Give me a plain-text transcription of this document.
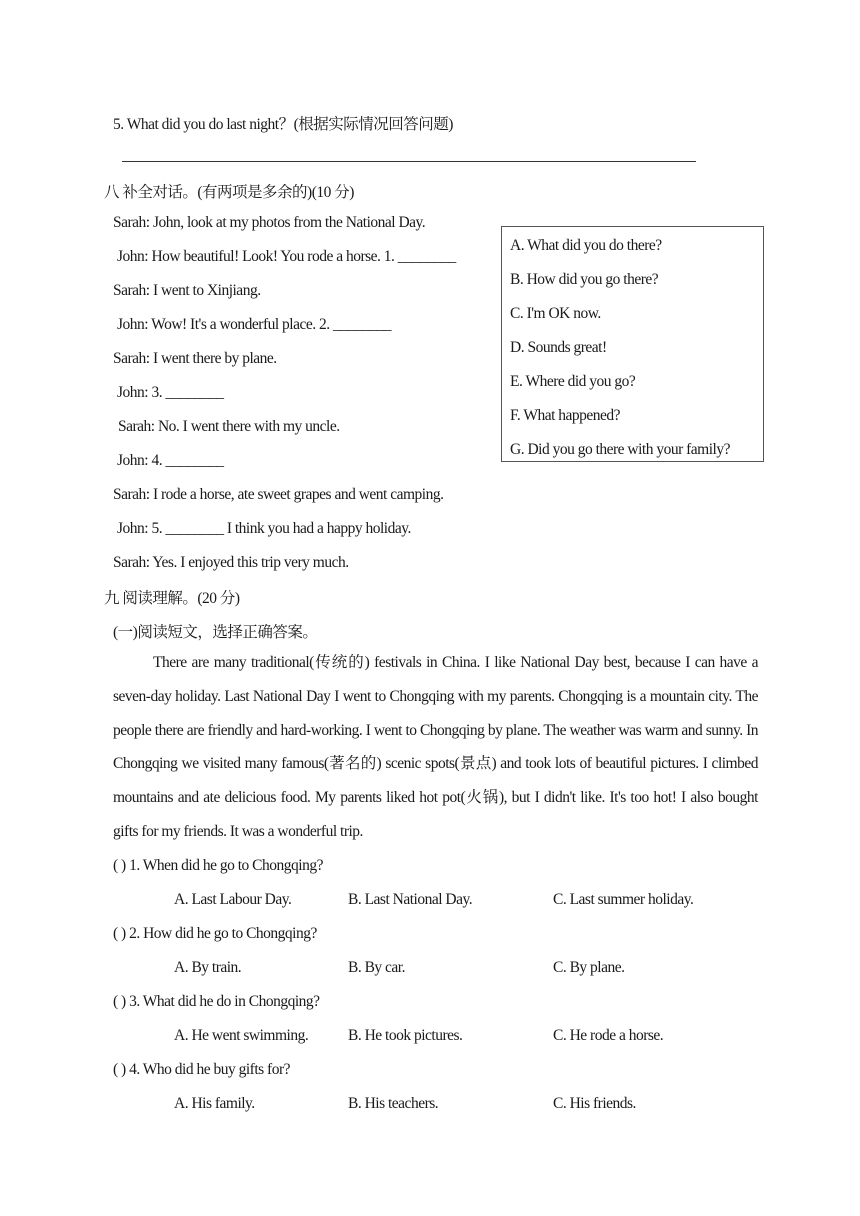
5. What did you do last night？(根据实际情况回答问题)
八 补全对话。(有两项是多余的)(10 分)
Sarah: John, look at my photos from the National Day.
John: How beautiful! Look! You rode a horse. 1. ________
Sarah: I went to Xinjiang.
John: Wow! It's a wonderful place. 2. ________
Sarah: I went there by plane.
John: 3. ________
Sarah: No. I went there with my uncle.
John: 4. ________
Sarah: I rode a horse, ate sweet grapes and went camping.
John: 5. ________ I think you had a happy holiday.
Sarah: Yes. I enjoyed this trip very much.
A. What did you do there?
B. How did you go there?
C. I'm OK now.
D. Sounds great!
E. Where did you go?
F. What happened?
G. Did you go there with your family?
九 阅读理解。(20 分)
(一)阅读短文，选择正确答案。
There are many traditional(传统的) festivals in China. I like National Day best, because I can have a seven-day holiday. Last National Day I went to Chongqing with my parents. Chongqing is a mountain city. The people there are friendly and hard-working. I went to Chongqing by plane. The weather was warm and sunny. In Chongqing we visited many famous(著名的) scenic spots(景点) and took lots of beautiful pictures. I climbed mountains and ate delicious food. My parents liked hot pot(火锅), but I didn't like. It's too hot! I also bought gifts for my friends. It was a wonderful trip.
( ) 1. When did he go to Chongqing?
A. Last Labour Day.	B. Last National Day.	C. Last summer holiday.
( ) 2. How did he go to Chongqing?
A. By train.	B. By car.	C. By plane.
( ) 3. What did he do in Chongqing?
A. He went swimming.	B. He took pictures.	C. He rode a horse.
( ) 4. Who did he buy gifts for?
A. His family.	B. His teachers.	C. His friends.
